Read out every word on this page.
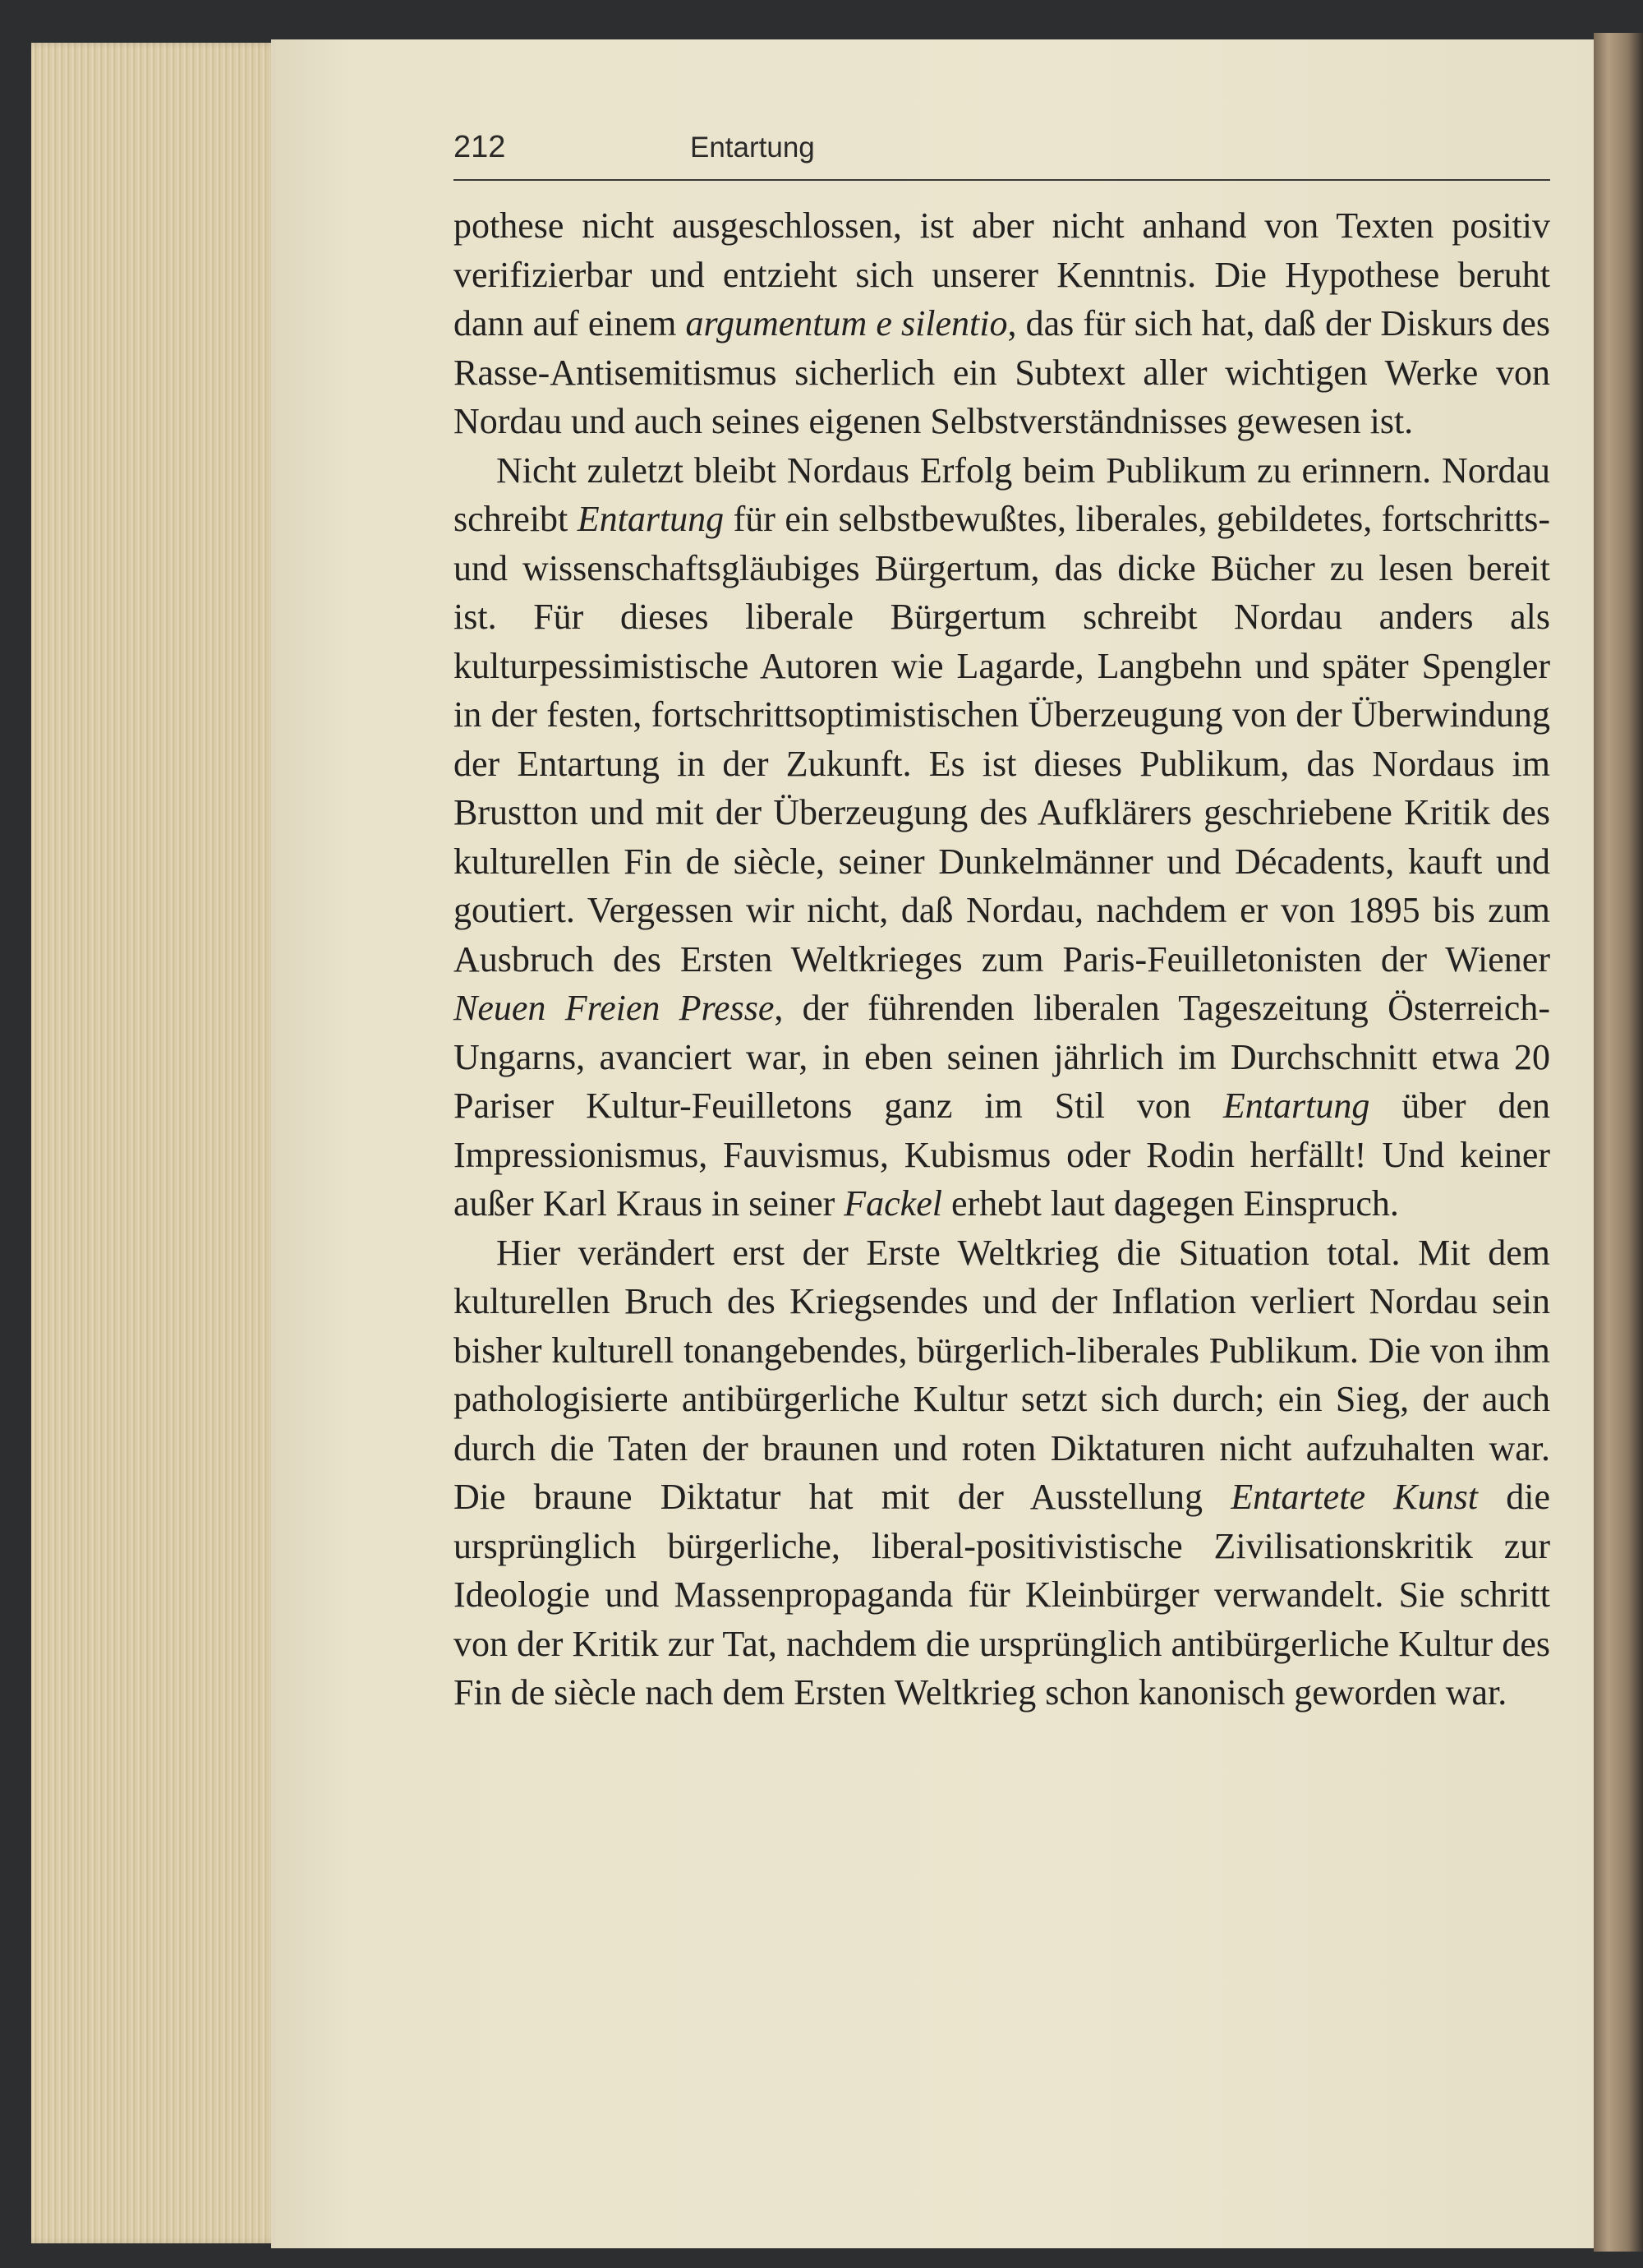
212	Entartung

pothese nicht ausgeschlossen, ist aber nicht anhand von Texten positiv verifizierbar und entzieht sich unserer Kenntnis. Die Hypothese beruht dann auf einem argumentum e silentio, das für sich hat, daß der Diskurs des Rasse-Antisemitismus sicherlich ein Subtext aller wichtigen Werke von Nordau und auch seines eigenen Selbstverständnisses gewesen ist.

Nicht zuletzt bleibt Nordaus Erfolg beim Publikum zu erinnern. Nordau schreibt Entartung für ein selbstbewußtes, liberales, gebildetes, fortschritts- und wissenschaftsgläubiges Bürgertum, das dicke Bücher zu lesen bereit ist. Für dieses liberale Bürgertum schreibt Nordau anders als kulturpessimistische Autoren wie Lagarde, Langbehn und später Spengler in der festen, fortschrittsoptimistischen Überzeugung von der Überwindung der Entartung in der Zukunft. Es ist dieses Publikum, das Nordaus im Brustton und mit der Überzeugung des Aufklärers geschriebene Kritik des kulturellen Fin de siècle, seiner Dunkelmänner und Décadents, kauft und goutiert. Vergessen wir nicht, daß Nordau, nachdem er von 1895 bis zum Ausbruch des Ersten Weltkrieges zum Paris-Feuilletonisten der Wiener Neuen Freien Presse, der führenden liberalen Tageszeitung Österreich-Ungarns, avanciert war, in eben seinen jährlich im Durchschnitt etwa 20 Pariser Kultur-Feuilletons ganz im Stil von Entartung über den Impressionismus, Fauvismus, Kubismus oder Rodin herfällt! Und keiner außer Karl Kraus in seiner Fackel erhebt laut dagegen Einspruch.

Hier verändert erst der Erste Weltkrieg die Situation total. Mit dem kulturellen Bruch des Kriegsendes und der Inflation verliert Nordau sein bisher kulturell tonangebendes, bürgerlich-liberales Publikum. Die von ihm pathologisierte antibürgerliche Kultur setzt sich durch; ein Sieg, der auch durch die Taten der braunen und roten Diktaturen nicht aufzuhalten war. Die braune Diktatur hat mit der Ausstellung Entartete Kunst die ursprünglich bürgerliche, liberal-positivistische Zivilisationskritik zur Ideologie und Massenpropaganda für Kleinbürger verwandelt. Sie schritt von der Kritik zur Tat, nachdem die ursprünglich antibürgerliche Kultur des Fin de siècle nach dem Ersten Weltkrieg schon kanonisch geworden war.
